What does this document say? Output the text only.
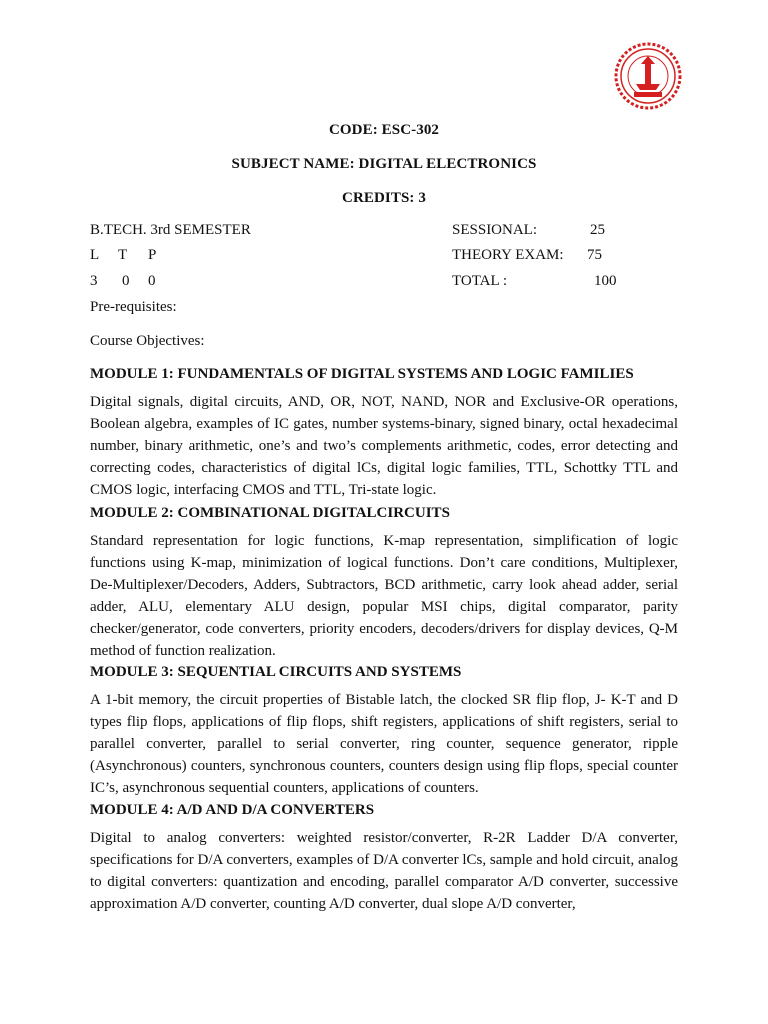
CODE: ESC-302
SUBJECT NAME: DIGITAL ELECTRONICS
CREDITS: 3
B.TECH. 3rd SEMESTER
L T P
3 0 0
SESSIONAL:	25
THEORY EXAM: 75
TOTAL :	100
Pre-requisites:
Course Objectives:
MODULE 1: FUNDAMENTALS OF DIGITAL SYSTEMS AND LOGIC FAMILIES
Digital signals, digital circuits, AND, OR, NOT, NAND, NOR and Exclusive-OR operations, Boolean algebra, examples of IC gates, number systems-binary, signed binary, octal hexadecimal number, binary arithmetic, one’s and two’s complements arithmetic, codes, error detecting and correcting codes, characteristics of digital lCs, digital logic families, TTL, Schottky TTL and CMOS logic, interfacing CMOS and TTL, Tri-state logic.
MODULE 2: COMBINATIONAL DIGITALCIRCUITS
Standard representation for logic functions, K-map representation, simplification of logic functions using K-map, minimization of logical functions. Don’t care conditions, Multiplexer, De-Multiplexer/Decoders, Adders, Subtractors, BCD arithmetic, carry look ahead adder, serial adder, ALU, elementary ALU design, popular MSI chips, digital comparator, parity checker/generator, code converters, priority encoders, decoders/drivers for display devices, Q-M method of function realization.
MODULE 3: SEQUENTIAL CIRCUITS AND SYSTEMS
A 1-bit memory, the circuit properties of Bistable latch, the clocked SR flip flop, J- K-T and D types flip flops, applications of flip flops, shift registers, applications of shift registers, serial to parallel converter, parallel to serial converter, ring counter, sequence generator, ripple (Asynchronous) counters, synchronous counters, counters design using flip flops, special counter IC’s, asynchronous sequential counters, applications of counters.
MODULE 4: A/D AND D/A CONVERTERS
Digital to analog converters: weighted resistor/converter, R-2R Ladder D/A converter, specifications for D/A converters, examples of D/A converter lCs, sample and hold circuit, analog to digital converters: quantization and encoding, parallel comparator A/D converter, successive approximation A/D converter, counting A/D converter, dual slope A/D converter,
